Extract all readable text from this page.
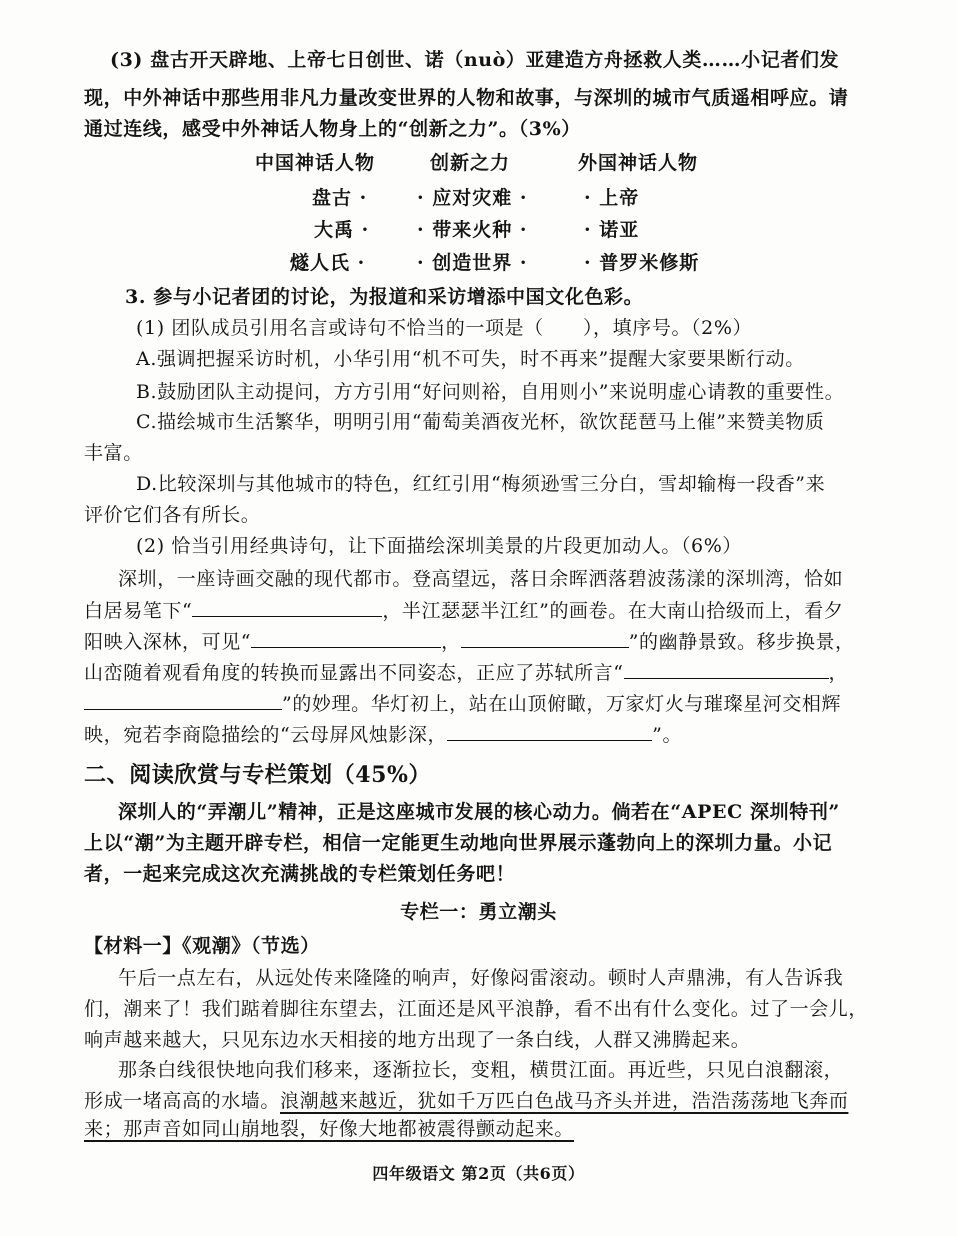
(3) 盘古开天辟地、上帝七日创世、诺（nuò）亚建造方舟拯救人类……小记者们发
现，中外神话中那些用非凡力量改变世界的人物和故事，与深圳的城市气质遥相呼应。请
通过连线，感受中外神话人物身上的“创新之力”。（3%）
中国神话人物	创新之力	外国神话人物
盘古 ·	· 应对灾难 ·	· 上帝
大禹 ·	· 带来火种 ·	· 诺亚
燧人氏 ·	· 创造世界 ·	· 普罗米修斯
3. 参与小记者团的讨论，为报道和采访增添中国文化色彩。
(1) 团队成员引用名言或诗句不恰当的一项是（　　），填序号。（2%）
A.强调把握采访时机，小华引用“机不可失，时不再来”提醒大家要果断行动。
B.鼓励团队主动提问，方方引用“好问则裕，自用则小”来说明虚心请教的重要性。
C.描绘城市生活繁华，明明引用“葡萄美酒夜光杯，欲饮琵琶马上催”来赞美物质
丰富。
D.比较深圳与其他城市的特色，红红引用“梅须逊雪三分白，雪却输梅一段香”来
评价它们各有所长。
(2) 恰当引用经典诗句，让下面描绘深圳美景的片段更加动人。（6%）
深圳，一座诗画交融的现代都市。登高望远，落日余晖洒落碧波荡漾的深圳湾，恰如
白居易笔下“	，半江瑟瑟半江红”的画卷。在大南山拾级而上，看夕
阳映入深林，可见“	，	”的幽静景致。移步换景，
山峦随着观看角度的转换而显露出不同姿态，正应了苏轼所言“	，
”的妙理。华灯初上，站在山顶俯瞰，万家灯火与璀璨星河交相辉
映，宛若李商隐描绘的“云母屏风烛影深，	”。
二、阅读欣赏与专栏策划（45%）
深圳人的“弄潮儿”精神，正是这座城市发展的核心动力。倘若在“APEC 深圳特刊”
上以“潮”为主题开辟专栏，相信一定能更生动地向世界展示蓬勃向上的深圳力量。小记
者，一起来完成这次充满挑战的专栏策划任务吧！
专栏一：勇立潮头
【材料一】《观潮》（节选）
午后一点左右，从远处传来隆隆的响声，好像闷雷滚动。顿时人声鼎沸，有人告诉我
们，潮来了！我们踮着脚往东望去，江面还是风平浪静，看不出有什么变化。过了一会儿，
响声越来越大，只见东边水天相接的地方出现了一条白线，人群又沸腾起来。
那条白线很快地向我们移来，逐渐拉长，变粗，横贯江面。再近些，只见白浪翻滚，
形成一堵高高的水墙。浪潮越来越近，犹如千万匹白色战马齐头并进，浩浩荡荡地飞奔而
来；那声音如同山崩地裂，好像大地都被震得颤动起来。
四年级语文 第2页（共6页）
